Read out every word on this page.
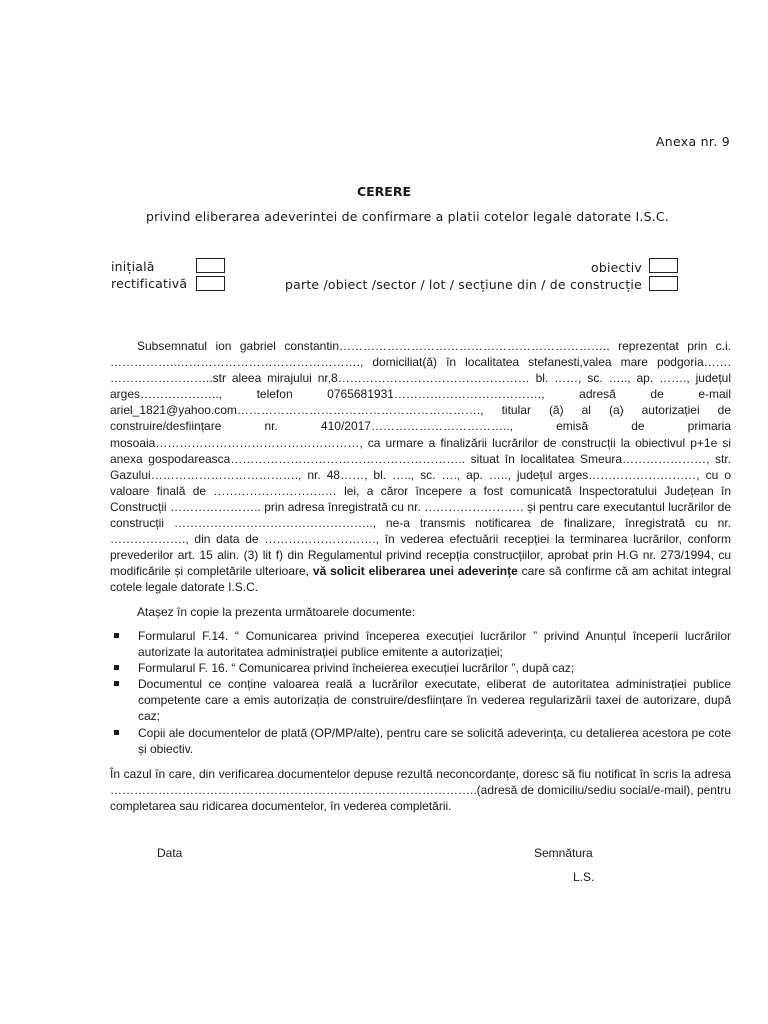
Anexa nr. 9
CERERE
privind eliberarea adeverintei de confirmare a platii cotelor legale datorate I.S.C.
inițială
rectificativă
obiectiv
parte /obiect /sector / lot / secțiune din / de construcție
Subsemnatul ion gabriel constantin………………………………………………………….. reprezentat prin c.i. ……………..………………………………………., domiciliat(ă) în localitatea stefanesti,valea mare podgoria……. ……………………..str aleea mirajului nr,8………………………………………… bl. ……, sc. ….., ap. ……., județul arges……………….., telefon 0765681931………………………………., adresă de e-mail ariel_1821@yahoo.com……………………………………………………., titular (ă) al (a) autorizației de construire/desființare nr. 410/2017…………………………….., emisă de primaria mosoaia……………………………………………, ca urmare a finalizării lucrărilor de construcții la obiectivul p+1e si anexa gospodareasca………………………………………………….. situat în localitatea Smeura…………………, str. Gazului………………………………., nr. 48……, bl. ….., sc. …., ap. ….., județul arges………………………, cu o valoare finală de ……………………….… lei, a căror începere a fost comunicată Inspectoratului Județean în Construcții ………………….. prin adresa înregistrată cu nr. ……………………. și pentru care executantul lucrărilor de construcții ………………………………………….., ne-a transmis notificarea de finalizare, înregistrată cu nr. ………………., din data de ………………………., în vederea efectuării recepției la terminarea lucrărilor, conform prevederilor art. 15 alin. (3) lit f) din Regulamentul privind recepția construcțiilor, aprobat prin H.G nr. 273/1994, cu modificările și completările ulterioare, vă solicit eliberarea unei adeverințe care să confirme că am achitat integral cotele legale datorate I.S.C.
Atașez în copie la prezenta următoarele documente:
Formularul F.14. “ Comunicarea privind începerea execuției lucrărilor ” privind Anunțul începerii lucrărilor autorizate la autoritatea administrației publice emitente a autorizației;
Formularul F. 16. “ Comunicarea privind încheierea execuției lucrărilor ”, după caz;
Documentul ce conține valoarea reală a lucrărilor executate, eliberat de autoritatea administrației publice competente care a emis autorizația de construire/desființare în vederea regularizării taxei de autorizare, după caz;
Copii ale documentelor de plată (OP/MP/alte), pentru care se solicită adeverința, cu detalierea acestora pe cote și obiectiv.
În cazul în care, din verificarea documentelor depuse rezultă neconcordanțe, doresc să fiu notificat în scris la adresa ………………………………………………………………………………..(adresă de domiciliu/sediu social/e-mail), pentru completarea sau ridicarea documentelor, în vederea completării.
Data	Semnătura
L.S.
